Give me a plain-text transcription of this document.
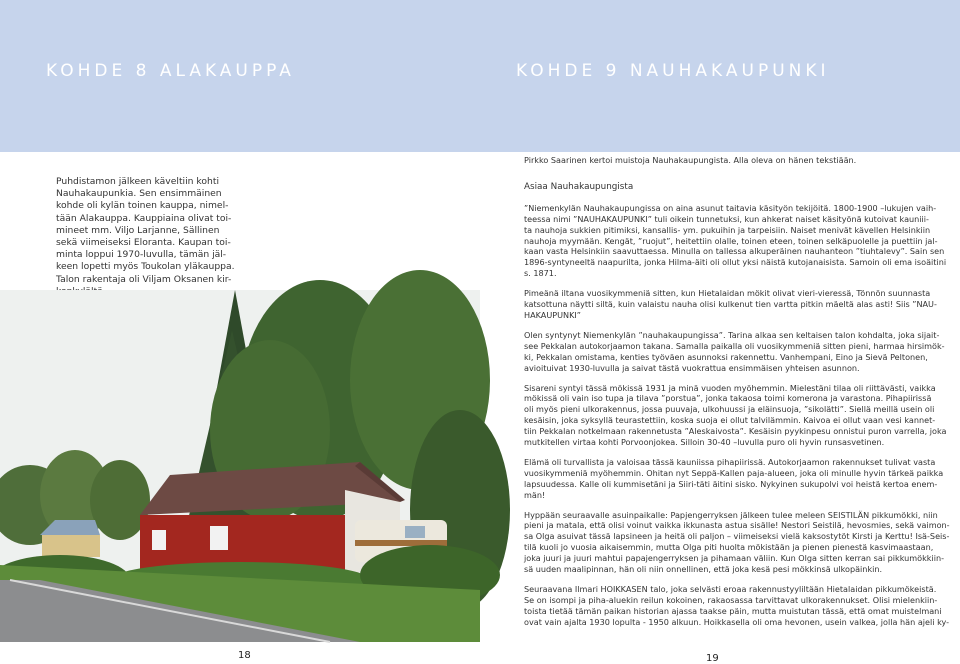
KOHDE 8 ALAKAUPPA	KOHDE 9 NAUHAKAUPUNKI
Puhdistamon jälkeen käveltiin kohti
Nauhakaupunkia. Sen ensimmäinen
kohde oli kylän toinen kauppa, nimel-
tään Alakauppa. Kauppiaina olivat toi-
mineet mm. Viljo Larjanne, Sällinen
sekä viimeiseksi Eloranta. Kaupan toi-
minta loppui 1970-luvulla, tämän jäl-
keen lopetti myös Toukolan yläkauppa.
Talon rakentaja oli Viljam Oksanen kir-
Pirkko Saarinen kertoi muistoja Nauhakaupungista. Alla oleva on hänen tekstiään.
Asiaa Nauhakaupungista
”Niemenkylän Nauhakaupungissa on aina asunut taitavia käsityön tekijöitä. 1800-1900 –lukujen vaih-
teessa nimi ”NAUHAKAUPUNKI” tuli oikein tunnetuksi, kun ahkerat naiset käsityönä kutoivat kauniii-
ta nauhoja sukkien pitimiksi, kansallis- ym. pukuihin ja tarpeisiin. Naiset menivät kävellen Helsinkiin
nauhoja myymään. Kengät, ”ruojut”, heitettiin olalle, toinen eteen, toinen selkäpuolelle ja puettiin jal-
kaan vasta Helsinkiin saavuttaessa. Minulla on tallessa alkuperäinen nauhanteon ”tiuhtalevy”. Sain sen
1896-syntyneeltä naapurilta, jonka Hilma-äiti oli ollut yksi näistä kutojanaisista. Samoin oli ema isoäitini
s. 1871.
Pimeänä iltana vuosikymmeniä sitten, kun Hietalaidan mökit olivat vieri-vieressä, Tönnön suunnasta
katsottuna näytti siltä, kuin valaistu nauha olisi kulkenut tien vartta pitkin mäeltä alas asti! Siis ”NAU-
HAKAUPUNKI”
Olen syntynyt Niemenkylän ”nauhakaupungissa”. Tarina alkaa sen keltaisen talon kohdalta, joka sijait-
see Pekkalan autokorjaamon takana. Samalla paikalla oli vuosikymmeniä sitten pieni, harmaa hirsimök-
ki, Pekkalan omistama, kenties työväen asunnoksi rakennettu. Vanhempani, Eino ja Sievä Peltonen,
avioituivat 1930-luvulla ja saivat tästä vuokrattua ensimmäisen yhteisen asunnon.
Sisareni syntyi tässä mökissä 1931 ja minä vuoden myöhemmin. Mielestäni tilaa oli riittävästi, vaikka
mökissä oli vain iso tupa ja tilava ”porstua”, jonka takaosa toimi komerona ja varastona. Pihapiirissä
oli myös pieni ulkorakennus, jossa puuvaja, ulkohuussi ja eläinsuoja, ”sikolätti”. Siellä meillä usein oli
kesäisin, joka syksyllä teurastettiin, koska suoja ei ollut talvilämmin. Kaivoa ei ollut vaan vesi kannet-
tiin Pekkalan notkelmaan rakennetusta ”Aleskaivosta”. Kesäisin pyykinpesu onnistui puron varrella, joka
mutkitellen virtaa kohti Porvoonjokea. Silloin 30-40 –luvulla puro oli hyvin runsasvetinen.
Elämä oli turvallista ja valoisaa tässä kauniissa pihapiirissä. Autokorjaamon rakennukset tulivat vasta
vuosikymmeniä myöhemmin. Ohitan nyt Seppä-Kallen paja-alueen, joka oli minulle hyvin tärkeä paikka
lapsuudessa. Kalle oli kummisetäni ja Siiri-täti äitini sisko. Nykyinen sukupolvi voi heistä kertoa enem-
män!
Hyppään seuraavalle asuinpaikalle: Papjengerryksen jälkeen tulee meleen SEISTILÄN pikkumökki, niin
pieni ja matala, että olisi voinut vaikka ikkunasta astua sisälle! Nestori Seistilä, hevosmies, sekä vaimon-
sa Olga asuivat tässä lapsineen ja heitä oli paljon – viimeiseksi vielä kaksostytöt Kirsti ja Kerttu! Isä-Seis-
tilä kuoli jo vuosia aikaisemmin, mutta Olga piti huolta mökistään ja pienen pienestä kasvimaastaan,
joka juuri ja juuri mahtui papajengerryksen ja pihamaan väliin. Kun Olga sitten kerran sai pikkumökkiin-
sä uuden maalipinnan, hän oli niin onnellinen, että joka kesä pesi mökkinsä ulkopäinkin.
Seuraavana Ilmari HOIKKASEN talo, joka selvästi eroaa rakennustyyliltään Hietalaidan pikkumökeistä.
Se on isompi ja piha-aluekin reilun kokoinen, rakaosassa tarvittavat ulkorakennukset. Olisi mielenkiin-
toista tietää tämän paikan historian ajassa taakse päin, mutta muistutan tässä, että omat muistelmani
ovat vain ajalta 1930 lopulta - 1950 alkuun. Hoikkasella oli oma hevonen, usein valkea, jolla hän ajeli ky-
18	19
